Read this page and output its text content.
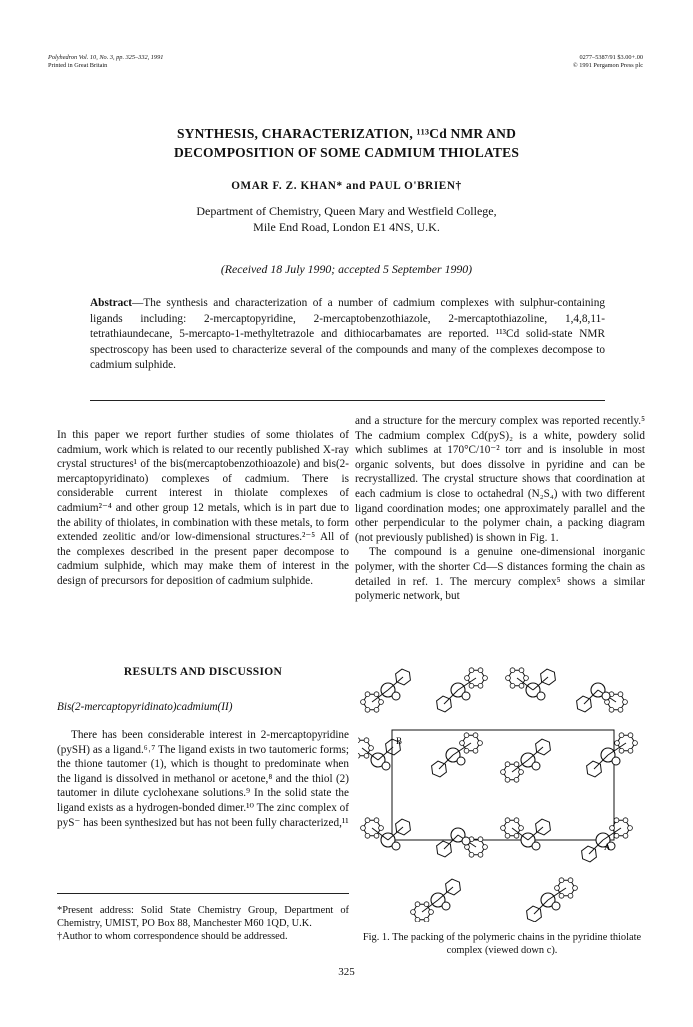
Polyhedron Vol. 10, No. 3, pp. 325–332, 1991
Printed in Great Britain
0277–5387/91 $3.00+.00
© 1991 Pergamon Press plc
SYNTHESIS, CHARACTERIZATION, ¹¹³Cd NMR AND
DECOMPOSITION OF SOME CADMIUM THIOLATES
OMAR F. Z. KHAN* and PAUL O'BRIEN†
Department of Chemistry, Queen Mary and Westfield College,
Mile End Road, London E1 4NS, U.K.
(Received 18 July 1990; accepted 5 September 1990)
Abstract—The synthesis and characterization of a number of cadmium complexes with sulphur-containing ligands including: 2-mercaptopyridine, 2-mercaptobenzothiazole, 2-mercaptothiazoline, 1,4,8,11-tetrathiaundecane, 5-mercapto-1-methyltetrazole and dithiocarbamates are reported. ¹¹³Cd solid-state NMR spectroscopy has been used to characterize several of the compounds and many of the complexes decompose to cadmium sulphide.

In this paper we report further studies of some thiolates of cadmium, work which is related to our recently published X-ray crystal structures¹ of the bis(mercaptobenzothioazole) and bis(2-mercaptopyridinato) complexes of cadmium. There is considerable current interest in thiolate complexes of cadmium²⁻⁴ and other group 12 metals, which is in part due to the ability of thiolates, in combination with these metals, to form extended zeolitic and/or low-dimensional structures.²⁻⁵ All of the complexes described in the present paper decompose to cadmium sulphide, which may make them of interest in the design of precursors for deposition of cadmium sulphide.

RESULTS AND DISCUSSION
Bis(2-mercaptopyridinato)cadmium(II)

There has been considerable interest in 2-mercaptopyridine (pySH) as a ligand.⁶˒⁷ The ligand exists in two tautomeric forms; the thione tautomer (1), which is thought to predominate when the ligand is dissolved in methanol or acetone,⁸ and the thiol (2) tautomer in dilute cyclohexane solutions.⁹ In the solid state the ligand exists as a hydrogen-bonded dimer.¹⁰ The zinc complex of pyS⁻ has been synthesized but has not been fully characterized,¹¹

and a structure for the mercury complex was reported recently.⁵ The cadmium complex Cd(pyS)₂ is a white, powdery solid which sublimes at 170°C/10⁻² torr and is insoluble in most organic solvents, but does dissolve in pyridine and can be recrystallized. The crystal structure shows that coordination at each cadmium is close to octahedral (N₂S₄) with two different ligand coordination modes; one approximately parallel and the other perpendicular to the polymer chain, a packing diagram (not previously published) is shown in Fig. 1.

The compound is a genuine one-dimensional inorganic polymer, with the shorter Cd—S distances forming the chain as detailed in ref. 1. The mercury complex⁵ shows a similar polymeric network, but

*Present address: Solid State Chemistry Group, Department of Chemistry, UMIST, PO Box 88, Manchester M60 1QD, U.K.

†Author to whom correspondence should be addressed.

B
A
Fig. 1. The packing of the polymeric chains in the pyridine thiolate complex (viewed down c).
325
